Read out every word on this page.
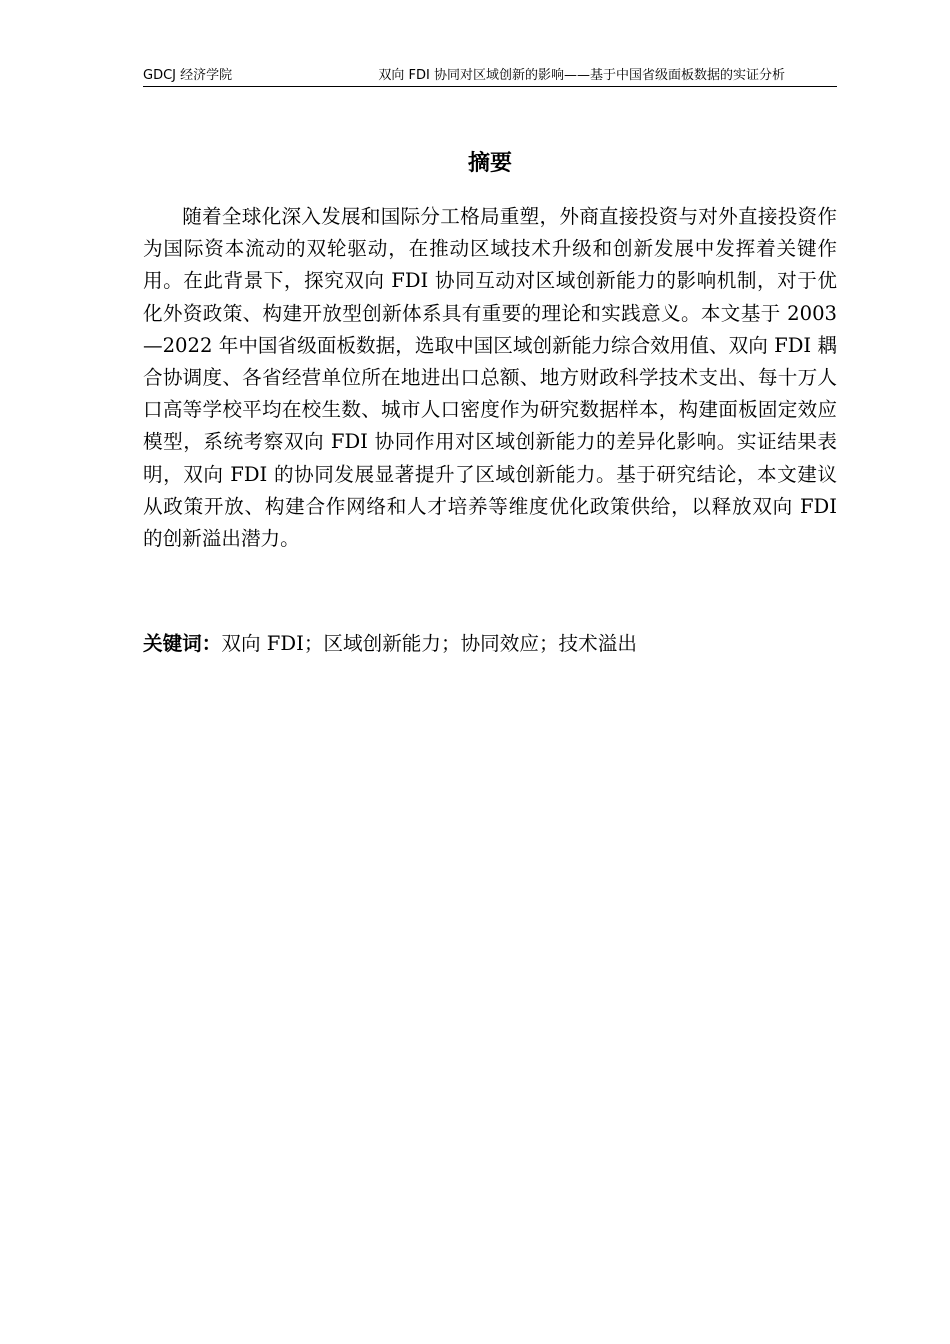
GDCJ 经济学院	双向 FDI 协同对区域创新的影响——基于中国省级面板数据的实证分析
摘要

随着全球化深入发展和国际分工格局重塑，外商直接投资与对外直接投资作为国际资本流动的双轮驱动，在推动区域技术升级和创新发展中发挥着关键作用。在此背景下，探究双向 FDI 协同互动对区域创新能力的影响机制，对于优化外资政策、构建开放型创新体系具有重要的理论和实践意义。本文基于 2003—2022 年中国省级面板数据，选取中国区域创新能力综合效用值、双向 FDI 耦合协调度、各省经营单位所在地进出口总额、地方财政科学技术支出、每十万人口高等学校平均在校生数、城市人口密度作为研究数据样本，构建面板固定效应模型，系统考察双向 FDI 协同作用对区域创新能力的差异化影响。实证结果表明，双向 FDI 的协同发展显著提升了区域创新能力。基于研究结论，本文建议从政策开放、构建合作网络和人才培养等维度优化政策供给，以释放双向 FDI 的创新溢出潜力。

关键词：双向 FDI；区域创新能力；协同效应；技术溢出
